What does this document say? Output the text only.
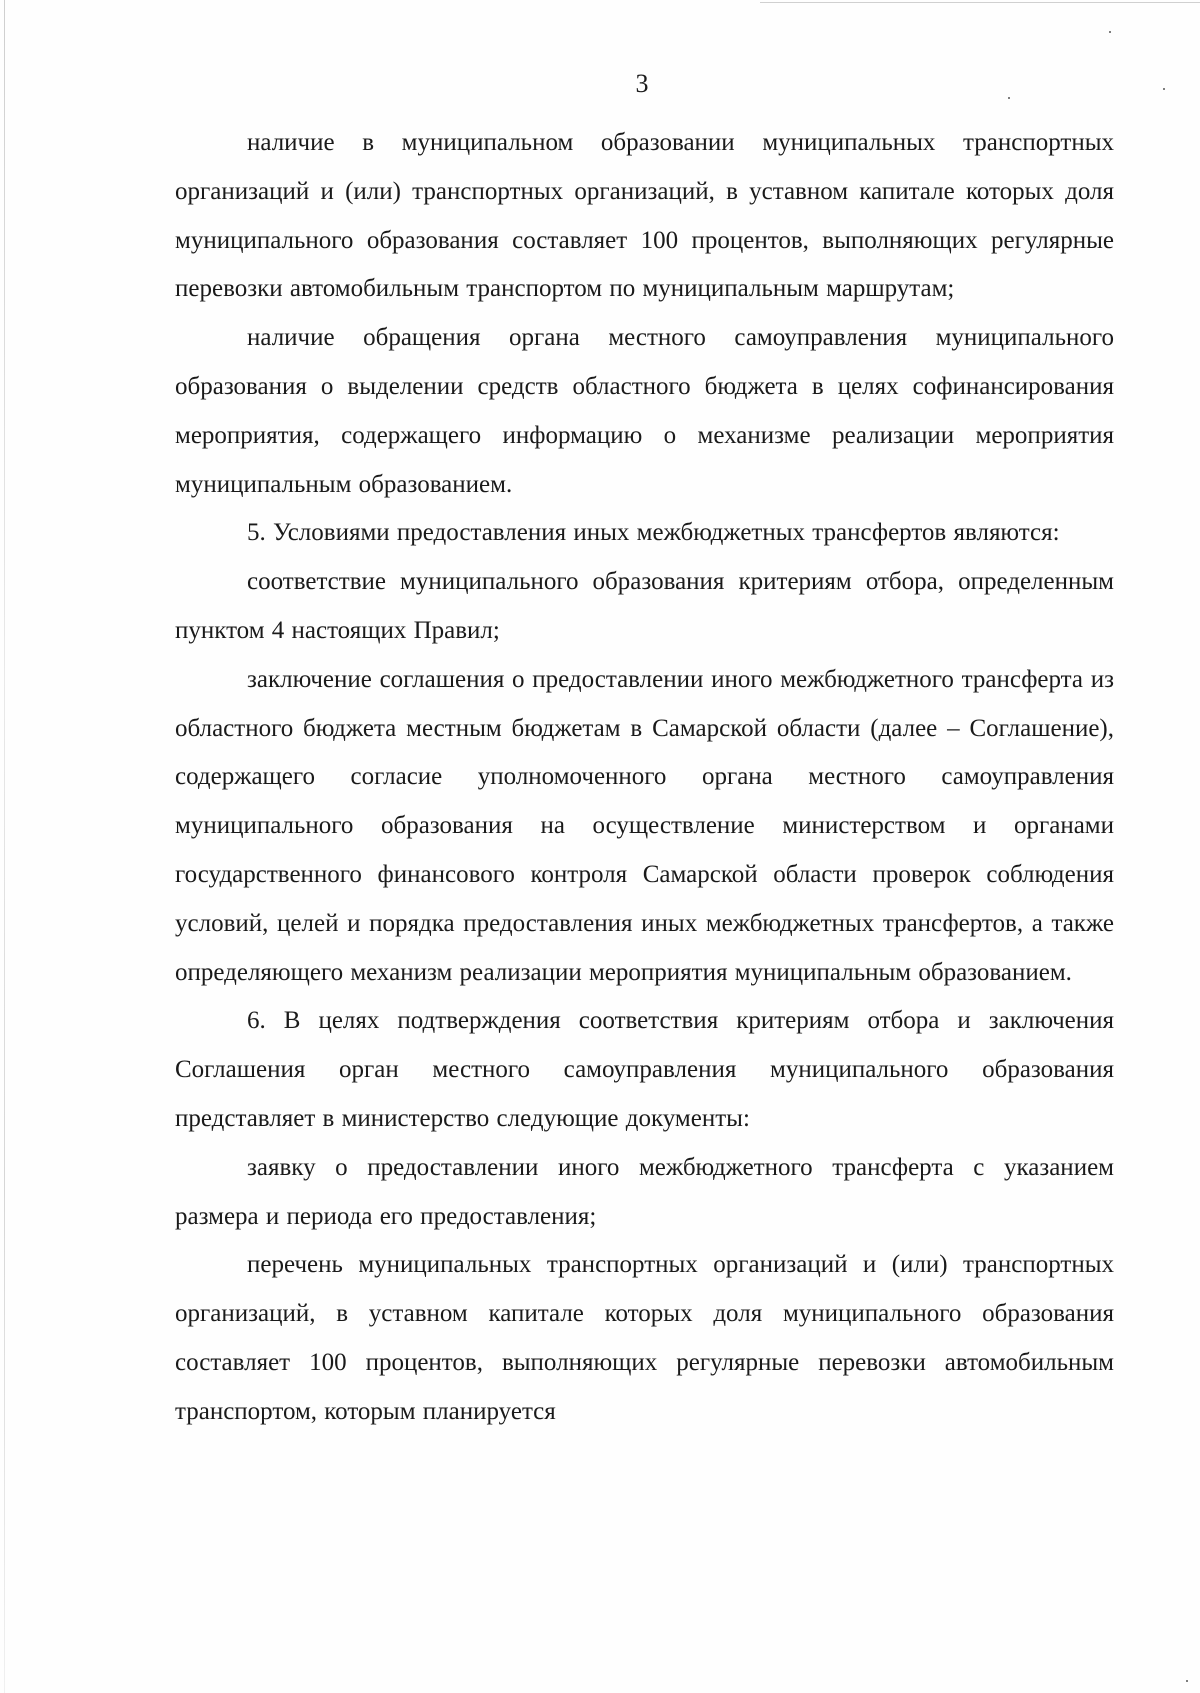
3

наличие в муниципальном образовании муниципальных транспортных организаций и (или) транспортных организаций, в уставном капитале которых доля муниципального образования составляет 100 процентов, выполняющих регулярные перевозки автомобильным транспортом по муниципальным маршрутам;

наличие обращения органа местного самоуправления муниципального образования о выделении средств областного бюджета в целях софинансирования мероприятия, содержащего информацию о механизме реализации мероприятия муниципальным образованием.

5. Условиями предоставления иных межбюджетных трансфертов являются:

соответствие муниципального образования критериям отбора, определенным пунктом 4 настоящих Правил;

заключение соглашения о предоставлении иного межбюджетного трансферта из областного бюджета местным бюджетам в Самарской области (далее – Соглашение), содержащего согласие уполномоченного органа местного самоуправления муниципального образования на осуществление министерством и органами государственного финансового контроля Самарской области проверок соблюдения условий, целей и порядка предоставления иных межбюджетных трансфертов, а также определяющего механизм реализации мероприятия муниципальным образованием.

6. В целях подтверждения соответствия критериям отбора и заключения Соглашения орган местного самоуправления муниципального образования представляет в министерство следующие документы:

заявку о предоставлении иного межбюджетного трансферта с указанием размера и периода его предоставления;

перечень муниципальных транспортных организаций и (или) транспортных организаций, в уставном капитале которых доля муниципального образования составляет 100 процентов, выполняющих регулярные перевозки автомобильным транспортом, которым планируется
